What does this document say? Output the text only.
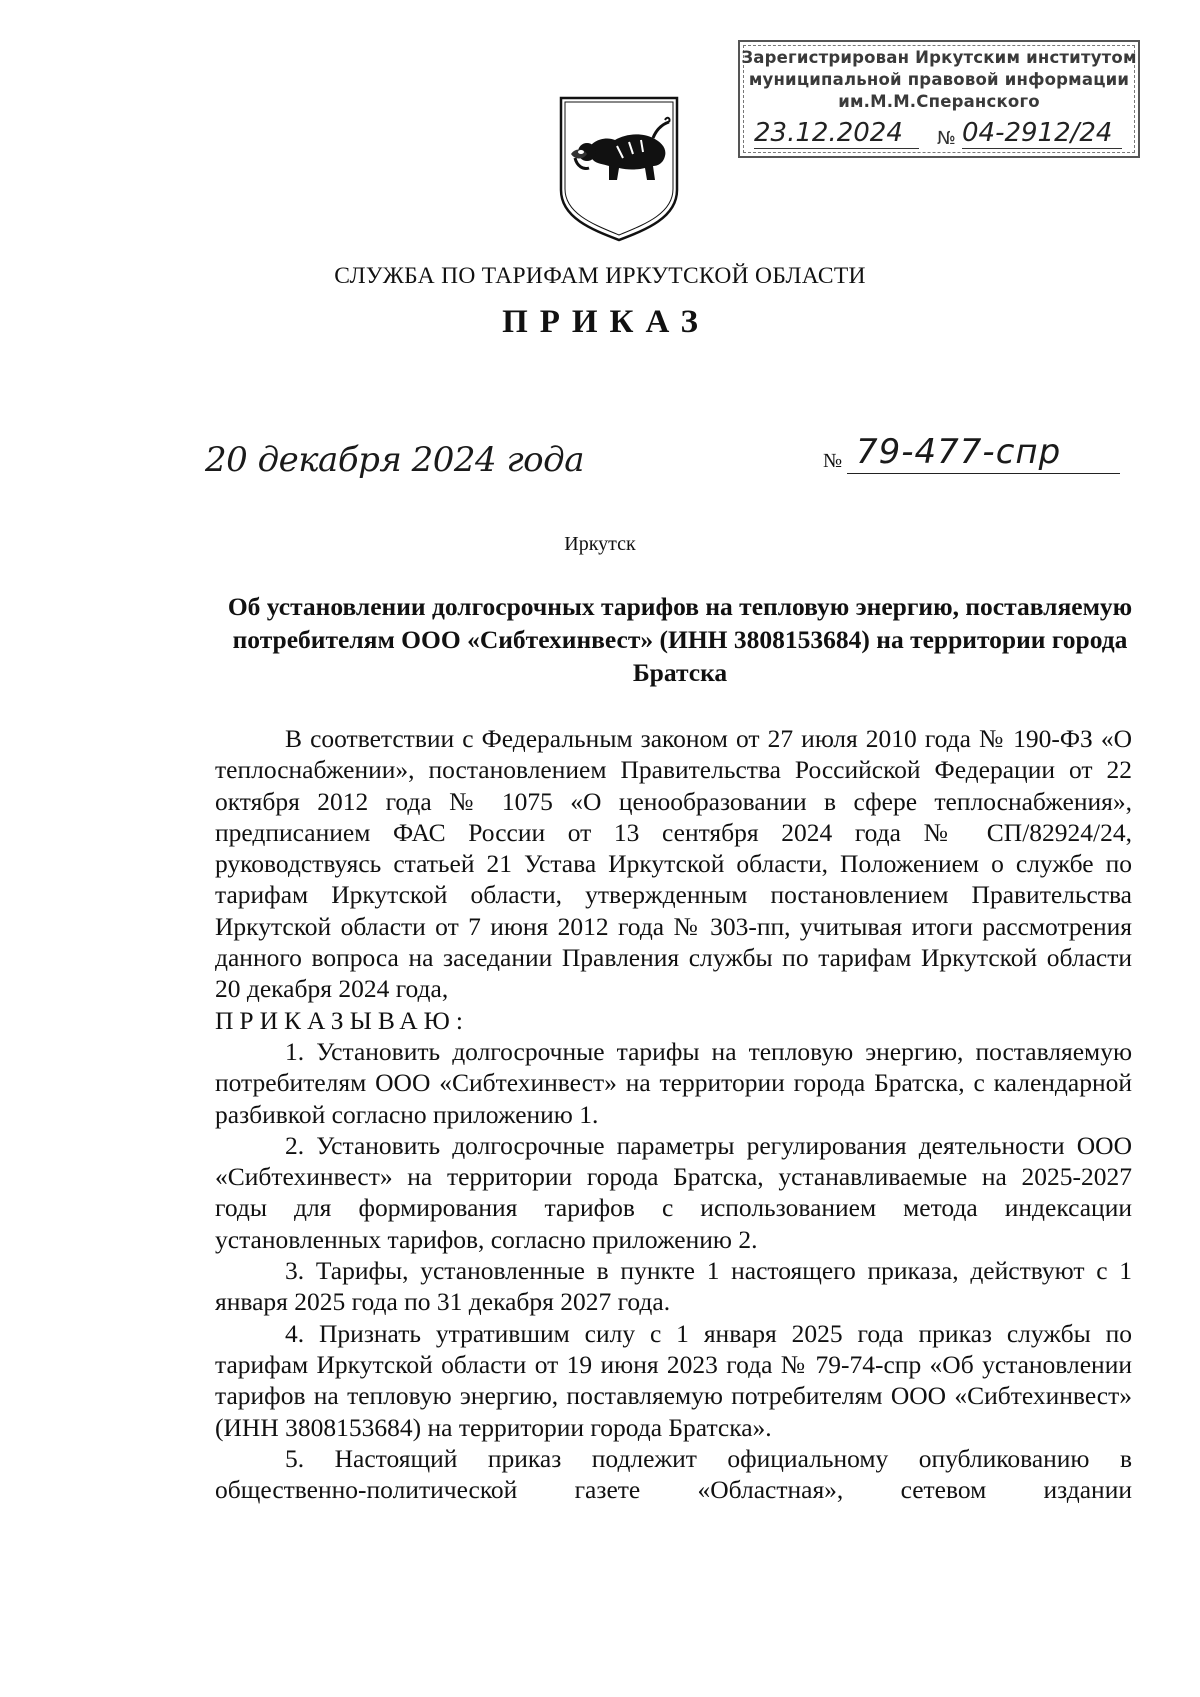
Зарегистрирован Иркутским институтом
муниципальной правовой информации
им.М.М.Сперанского
23.12.2024	№ 04-2912/24
СЛУЖБА ПО ТАРИФАМ ИРКУТСКОЙ ОБЛАСТИ
ПРИКАЗ
20 декабря 2024 года	№ 79-477-спр
Иркутск
Об установлении долгосрочных тарифов на тепловую энергию, поставляемую потребителям ООО «Сибтехинвест» (ИНН 3808153684) на территории города Братска

В соответствии с Федеральным законом от 27 июля 2010 года № 190-ФЗ «О теплоснабжении», постановлением Правительства Российской Федерации от 22 октября 2012 года № 1075 «О ценообразовании в сфере теплоснабжения», предписанием ФАС России от 13 сентября 2024 года № СП/82924/24, руководствуясь статьей 21 Устава Иркутской области, Положением о службе по тарифам Иркутской области, утвержденным постановлением Правительства Иркутской области от 7 июня 2012 года № 303-пп, учитывая итоги рассмотрения данного вопроса на заседании Правления службы по тарифам Иркутской области 20 декабря 2024 года,

ПРИКАЗЫВАЮ:

1. Установить долгосрочные тарифы на тепловую энергию, поставляемую потребителям ООО «Сибтехинвест» на территории города Братска, с календарной разбивкой согласно приложению 1.

2. Установить долгосрочные параметры регулирования деятельности ООО «Сибтехинвест» на территории города Братска, устанавливаемые на 2025-2027 годы для формирования тарифов с использованием метода индексации установленных тарифов, согласно приложению 2.

3. Тарифы, установленные в пункте 1 настоящего приказа, действуют с 1 января 2025 года по 31 декабря 2027 года.

4. Признать утратившим силу с 1 января 2025 года приказ службы по тарифам Иркутской области от 19 июня 2023 года № 79-74-спр «Об установлении тарифов на тепловую энергию, поставляемую потребителям ООО «Сибтехинвест» (ИНН 3808153684) на территории города Братска».

5. Настоящий приказ подлежит официальному опубликованию в общественно-политической газете «Областная», сетевом издании
